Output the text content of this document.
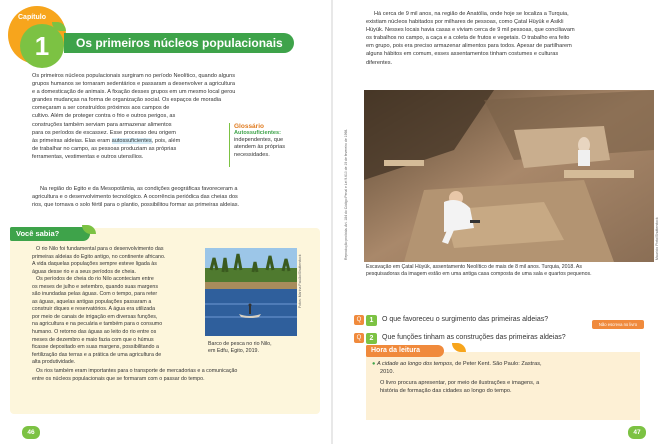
Capítulo
1	Os primeiros núcleos populacionais
Os primeiros núcleos populacionais surgiram no período Neolítico, quando alguns
grupos humanos se tornaram sedentários e passaram a desenvolver a agricultura
e a domesticação de animais. A fixação desses grupos em um mesmo local gerou
grandes mudanças na forma de organização social. Os espaços de moradia
começaram a ser construídos próximos aos campos de
cultivo. Além de proteger contra o frio e outros perigos, as
construções também serviam para armazenar alimentos
para os períodos de escassez. Esse processo deu origem
às primeiras aldeias. Elas eram autossuficientes, pois, além
de trabalhar no campo, as pessoas produziam as próprias
ferramentas, vestimentas e outros utensílios.
Na região do Egito e da Mesopotâmia, as condições geográficas favoreceram a
agricultura e o desenvolvimento tecnológico. A ocorrência periódica das cheias dos
rios, que tornava o solo fértil para o plantio, possibilitou formar as primeiras aldeias.
Glossário
Autossuficientes:
independentes, que
atendem às próprias
necessidades.
Você sabia?
O rio Nilo foi fundamental para o desenvolvimento das
primeiras aldeias do Egito antigo, no continente africano.
A vida daquelas populações sempre esteve ligada às
águas desse rio e a seus períodos de cheia.
Os períodos de cheia do rio Nilo aconteciam entre
os meses de julho e setembro, quando suas margens
são inundadas pelas águas. Com o tempo, para reter
as águas, aquelas antigas populações passaram a
construir diques e reservatórios. A água era utilizada
por meio de canais de irrigação em diversas funções,
na agricultura e na pecuária e também para o consumo
humano. O retorno das águas ao leito do rio entre os
meses de dezembro e maio fazia com que o húmus
ficasse depositado em suas margens, possibilitando a
fertilização das terras e a prática de uma agricultura de
alta produtividade.
Os rios também eram importantes para o transporte de mercadorias e a comunicação
entre os núcleos populacionais que se formaram com o passar do tempo.
Fotos: Marina Paixão/Shutterstock
Barco de pesca no rio Nilo,
em Edfu, Egito, 2019.
46
Reprodução proibida. Art. 184 do Código Penal e Lei 9.610 de 19 de fevereiro de 1998.
Há cerca de 9 mil anos, na região de Anatólia, onde hoje se localiza a Turquia,
existiam núcleos habitados por milhares de pessoas, como Çatal Hüyük e Asikli
Hüyük. Nesses locais havia casas e viviam cerca de 9 mil pessoas, que conciliavam
os trabalhos no campo, a caça e a coleta de frutos e vegetais. O trabalho era feito
em grupo, pois era preciso armazenar alimentos para todos. Apesar de partilharem
alguns hábitos em comum, esses assentamentos tinham costumes e culturas
diferentes.
Mauricio Pinto/Shutterstock
Escavação em Çatal Hüyük, assentamento Neolítico de mais de 8 mil anos. Turquia, 2018. As
pesquisadoras da imagem estão em uma antiga casa composta de uma sala e quartos pequenos.
Q	1	O que favoreceu o surgimento das primeiras aldeias?
Não escreva no livro
Q	2	Que funções tinham as construções das primeiras aldeias?
Hora da leitura
● A cidade ao longo dos tempos, de Peter Kent. São Paulo: Zastras,
2010.
O livro procura apresentar, por meio de ilustrações e imagens, a
história de formação das cidades ao longo do tempo.
47
